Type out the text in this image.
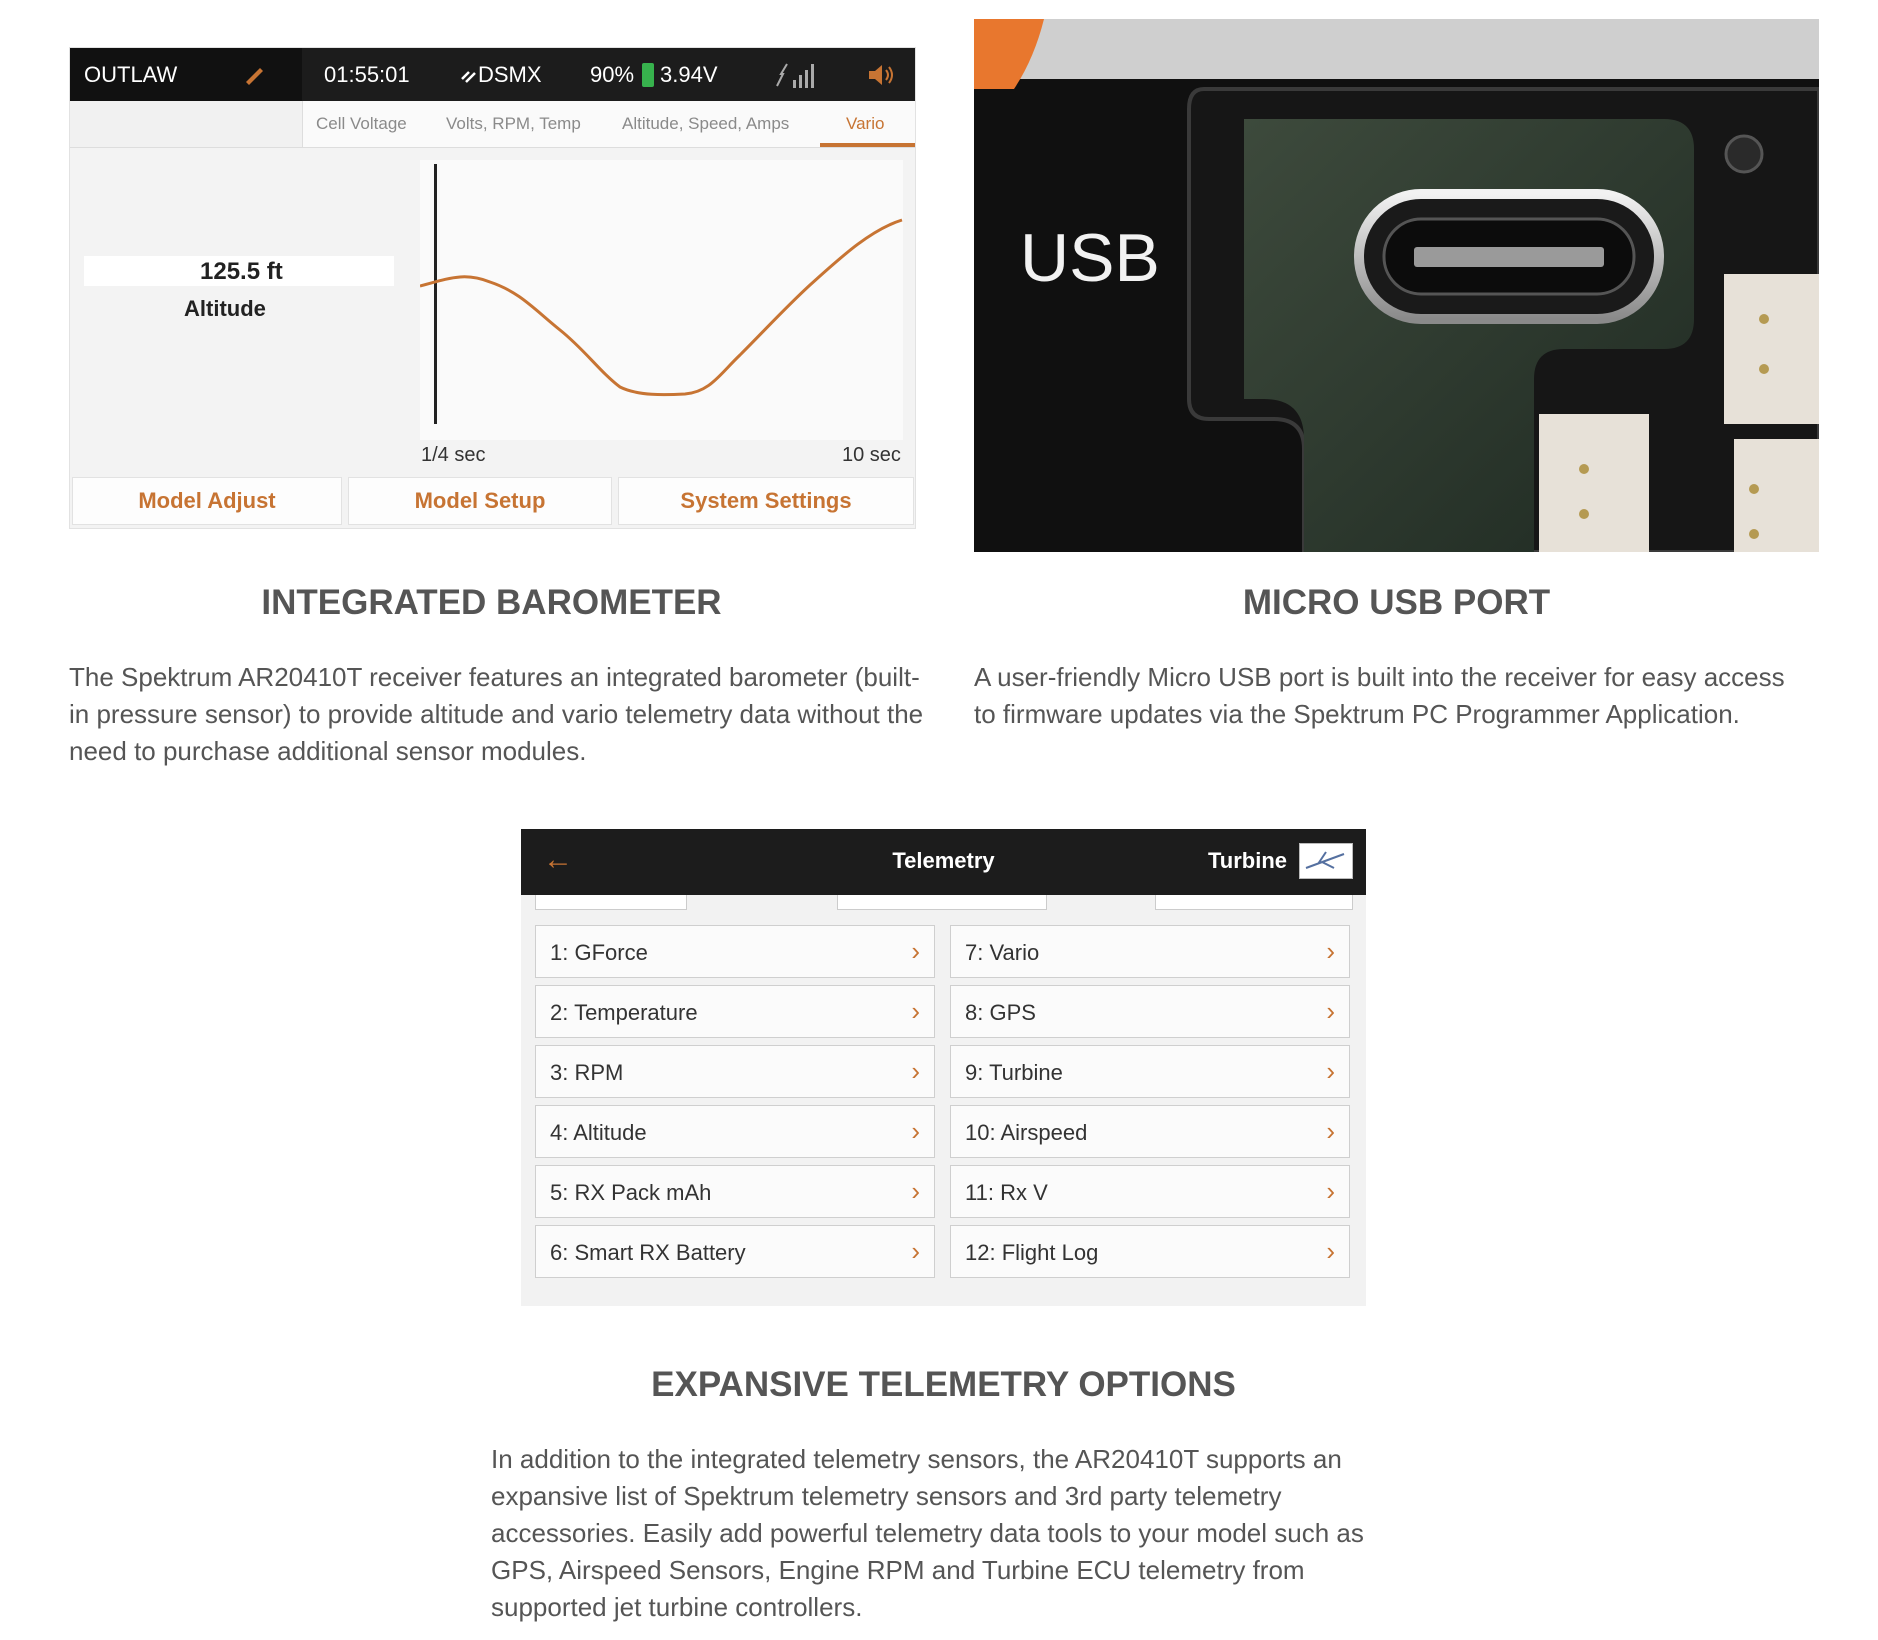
OUTLAW	01:55:01	DSMX 90% 3.94V
Cell Voltage Volts, RPM, Temp Altitude, Speed, Amps	Vario
125.5 ft
Altitude
1/4 sec	10 sec
Model Adjust	Model Setup	System Settings
USB
INTEGRATED BAROMETER
The Spektrum AR20410T receiver features an integrated barometer (built-in pressure sensor) to provide altitude and vario telemetry data without the need to purchase additional sensor modules.
MICRO USB PORT
A user-friendly Micro USB port is built into the receiver for easy access to firmware updates via the Spektrum PC Programmer Application.
←	Telemetry	Turbine
1: GForce	›
2: Temperature	›
3: RPM	›
4: Altitude	›
5: RX Pack mAh	›
6: Smart RX Battery	›
7: Vario	›
8: GPS	›
9: Turbine	›
10: Airspeed	›
11: Rx V	›
12: Flight Log	›
EXPANSIVE TELEMETRY OPTIONS
In addition to the integrated telemetry sensors, the AR20410T supports an expansive list of Spektrum telemetry sensors and 3rd party telemetry accessories. Easily add powerful telemetry data tools to your model such as GPS, Airspeed Sensors, Engine RPM and Turbine ECU telemetry from supported jet turbine controllers.
